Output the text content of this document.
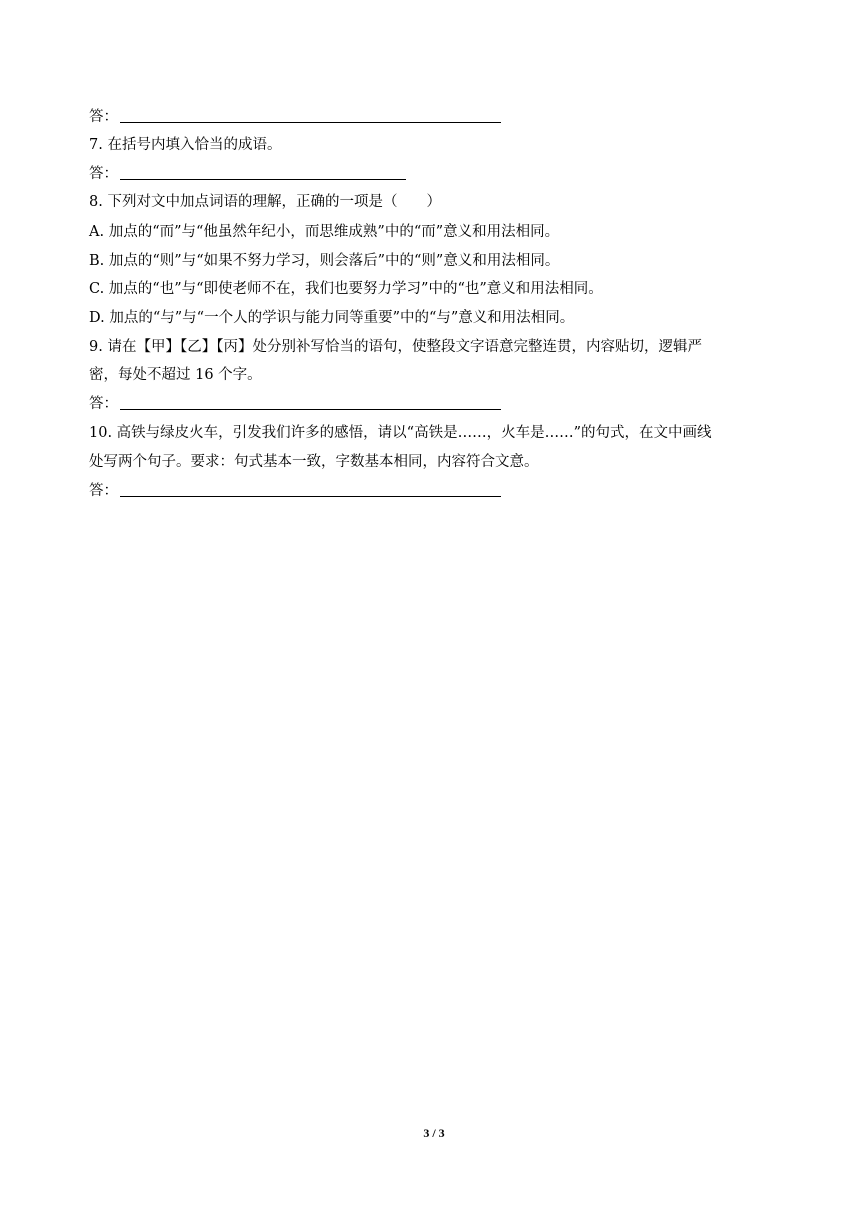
答：
7. 在括号内填入恰当的成语。
答：
8. 下列对文中加点词语的理解，正确的一项是（　　）
A. 加点的“而”与“他虽然年纪小，而思维成熟”中的“而”意义和用法相同。
B. 加点的“则”与“如果不努力学习，则会落后”中的“则”意义和用法相同。
C. 加点的“也”与“即使老师不在，我们也要努力学习”中的“也”意义和用法相同。
D. 加点的“与”与“一个人的学识与能力同等重要”中的“与”意义和用法相同。
9. 请在【甲】【乙】【丙】处分别补写恰当的语句，使整段文字语意完整连贯，内容贴切，逻辑严
密，每处不超过 16 个字。
答：
10. 高铁与绿皮火车，引发我们许多的感悟，请以“高铁是……，火车是……”的句式，在文中画线
处写两个句子。要求：句式基本一致，字数基本相同，内容符合文意。
答：
3 / 3
